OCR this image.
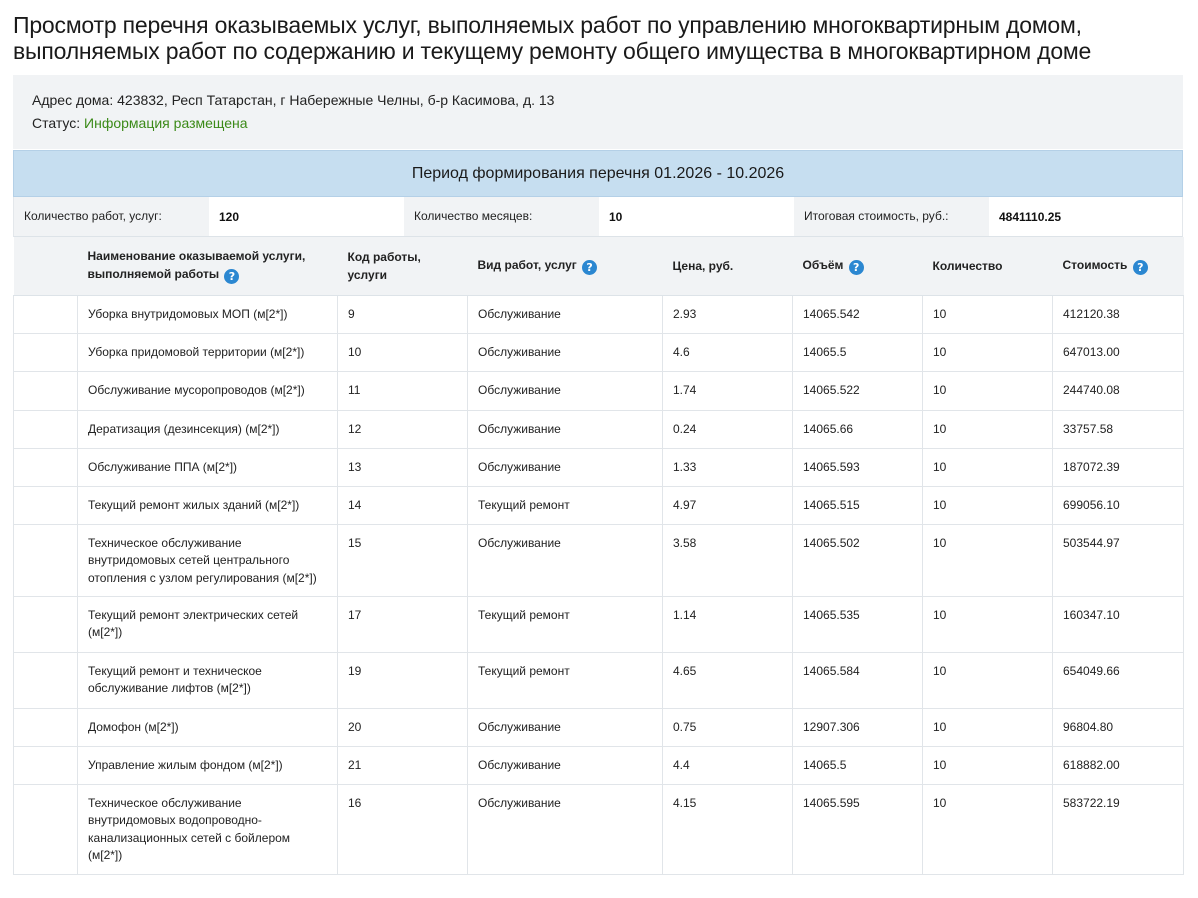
Просмотр перечня оказываемых услуг, выполняемых работ по управлению многоквартирным домом,
выполняемых работ по содержанию и текущему ремонту общего имущества в многоквартирном доме
Адрес дома: 423832, Респ Татарстан, г Набережные Челны, б-р Касимова, д. 13
Статус: Информация размещена
Период формирования перечня 01.2026 - 10.2026
Количество работ, услуг:	120	Количество месяцев:	10	Итоговая стоимость, руб.:	4841110.25
	Наименование оказываемой услуги, выполняемой работы ?	Код работы, услуги	Вид работ, услуг ?	Цена, руб.	Объём ?	Количество	Стоимость ?
	Уборка внутридомовых МОП (м[2*])	9	Обслуживание	2.93	14065.542	10	412120.38
	Уборка придомовой территории (м[2*])	10	Обслуживание	4.6	14065.5	10	647013.00
	Обслуживание мусоропроводов (м[2*])	11	Обслуживание	1.74	14065.522	10	244740.08
	Дератизация (дезинсекция) (м[2*])	12	Обслуживание	0.24	14065.66	10	33757.58
	Обслуживание ППА (м[2*])	13	Обслуживание	1.33	14065.593	10	187072.39
	Текущий ремонт жилых зданий (м[2*])	14	Текущий ремонт	4.97	14065.515	10	699056.10
	Техническое обслуживание внутридомовых сетей центрального отопления с узлом регулирования (м[2*])	15	Обслуживание	3.58	14065.502	10	503544.97
	Текущий ремонт электрических сетей (м[2*])	17	Текущий ремонт	1.14	14065.535	10	160347.10
	Текущий ремонт и техническое обслуживание лифтов (м[2*])	19	Текущий ремонт	4.65	14065.584	10	654049.66
	Домофон (м[2*])	20	Обслуживание	0.75	12907.306	10	96804.80
	Управление жилым фондом (м[2*])	21	Обслуживание	4.4	14065.5	10	618882.00
	Техническое обслуживание внутридомовых водопроводно-канализационных сетей с бойлером (м[2*])	16	Обслуживание	4.15	14065.595	10	583722.19
